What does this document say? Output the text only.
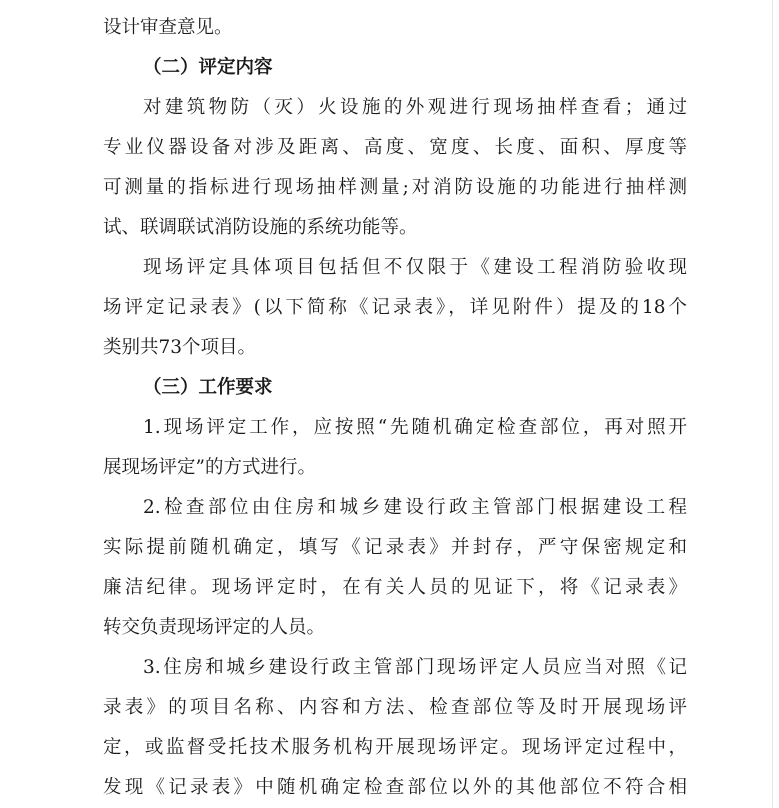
设计审查意见。
（二）评定内容
对建筑物防（灭）火设施的外观进行现场抽样查看；通过
专业仪器设备对涉及距离、高度、宽度、长度、面积、厚度等
可测量的指标进行现场抽样测量;对消防设施的功能进行抽样测
试、联调联试消防设施的系统功能等。
现场评定具体项目包括但不仅限于《建设工程消防验收现
场评定记录表》(以下简称《记录表》，详见附件）提及的18个
类别共73个项目。
（三）工作要求
1.现场评定工作，应按照“先随机确定检查部位，再对照开
展现场评定”的方式进行。
2.检查部位由住房和城乡建设行政主管部门根据建设工程
实际提前随机确定，填写《记录表》并封存，严守保密规定和
廉洁纪律。现场评定时，在有关人员的见证下，将《记录表》
转交负责现场评定的人员。
3.住房和城乡建设行政主管部门现场评定人员应当对照《记
录表》的项目名称、内容和方法、检查部位等及时开展现场评
定，或监督受托技术服务机构开展现场评定。现场评定过程中，
发现《记录表》中随机确定检查部位以外的其他部位不符合相
